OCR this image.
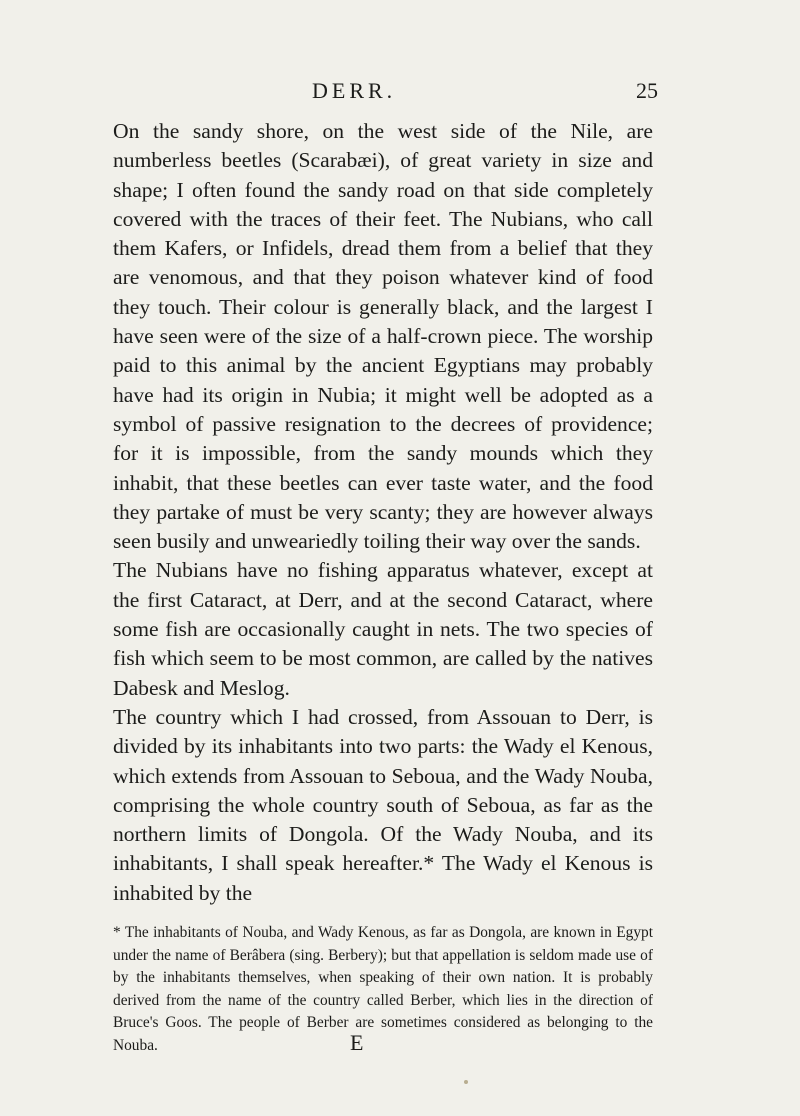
DERR.	25

On the sandy shore, on the west side of the Nile, are numberless beetles (Scarabæi), of great variety in size and shape; I often found the sandy road on that side completely covered with the traces of their feet. The Nubians, who call them Kafers, or Infidels, dread them from a belief that they are venomous, and that they poison whatever kind of food they touch. Their colour is generally black, and the largest I have seen were of the size of a half-crown piece. The worship paid to this animal by the ancient Egyptians may probably have had its origin in Nubia; it might well be adopted as a symbol of passive resignation to the decrees of providence; for it is impossible, from the sandy mounds which they inhabit, that these beetles can ever taste water, and the food they partake of must be very scanty; they are however always seen busily and unweariedly toiling their way over the sands.

The Nubians have no fishing apparatus whatever, except at the first Cataract, at Derr, and at the second Cataract, where some fish are occasionally caught in nets. The two species of fish which seem to be most common, are called by the natives Dabesk and Meslog.

The country which I had crossed, from Assouan to Derr, is divided by its inhabitants into two parts: the Wady el Kenous, which extends from Assouan to Seboua, and the Wady Nouba, comprising the whole country south of Seboua, as far as the northern limits of Dongola. Of the Wady Nouba, and its inhabitants, I shall speak hereafter.* The Wady el Kenous is inhabited by the

* The inhabitants of Nouba, and Wady Kenous, as far as Dongola, are known in Egypt under the name of Berâbera (sing. Berbery); but that appellation is seldom made use of by the inhabitants themselves, when speaking of their own nation. It is probably derived from the name of the country called Berber, which lies in the direction of Bruce's Goos. The people of Berber are sometimes considered as belonging to the Nouba.	E
